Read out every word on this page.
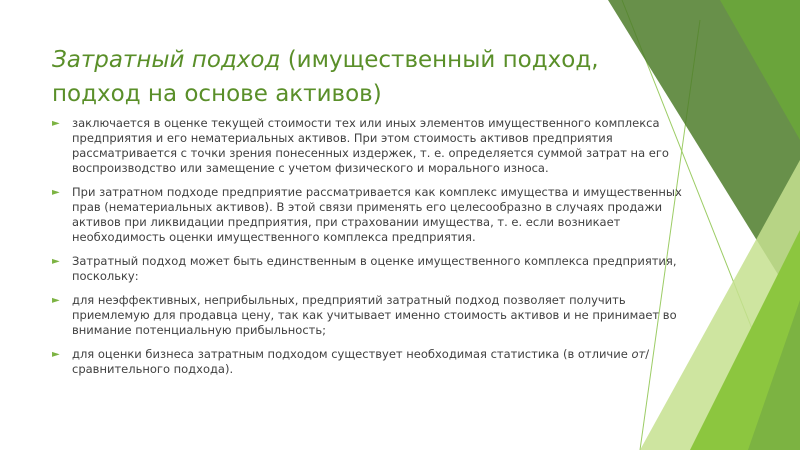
Затратный подход (имущественный подход, подход на основе активов)
► заключается в оценке текущей стоимости тех или иных элементов имущественного комплекса предприятия и его нематериальных активов. При этом стоимость активов предприятия рассматривается с точки зрения понесенных издержек, т. е. определяется суммой затрат на его воспроизводство или замещение с учетом физического и морального износа.
► При затратном подходе предприятие рассматривается как комплекс имущества и имущественных прав (нематериальных активов). В этой связи применять его целесообразно в случаях продажи активов при ликвидации предприятия, при страховании имущества, т. е. если возникает необходимость оценки имущественного комплекса предприятия.
► Затратный подход может быть единственным в оценке имущественного комплекса предприятия, поскольку:
► для неэффективных, неприбыльных, предприятий затратный подход позволяет получить приемлемую для продавца цену, так как учитывает именно стоимость активов и не принимает во внимание потенциальную прибыльность;
► для оценки бизнеса затратным подходом существует необходимая статистика (в отличие от/ сравнительного подхода).
